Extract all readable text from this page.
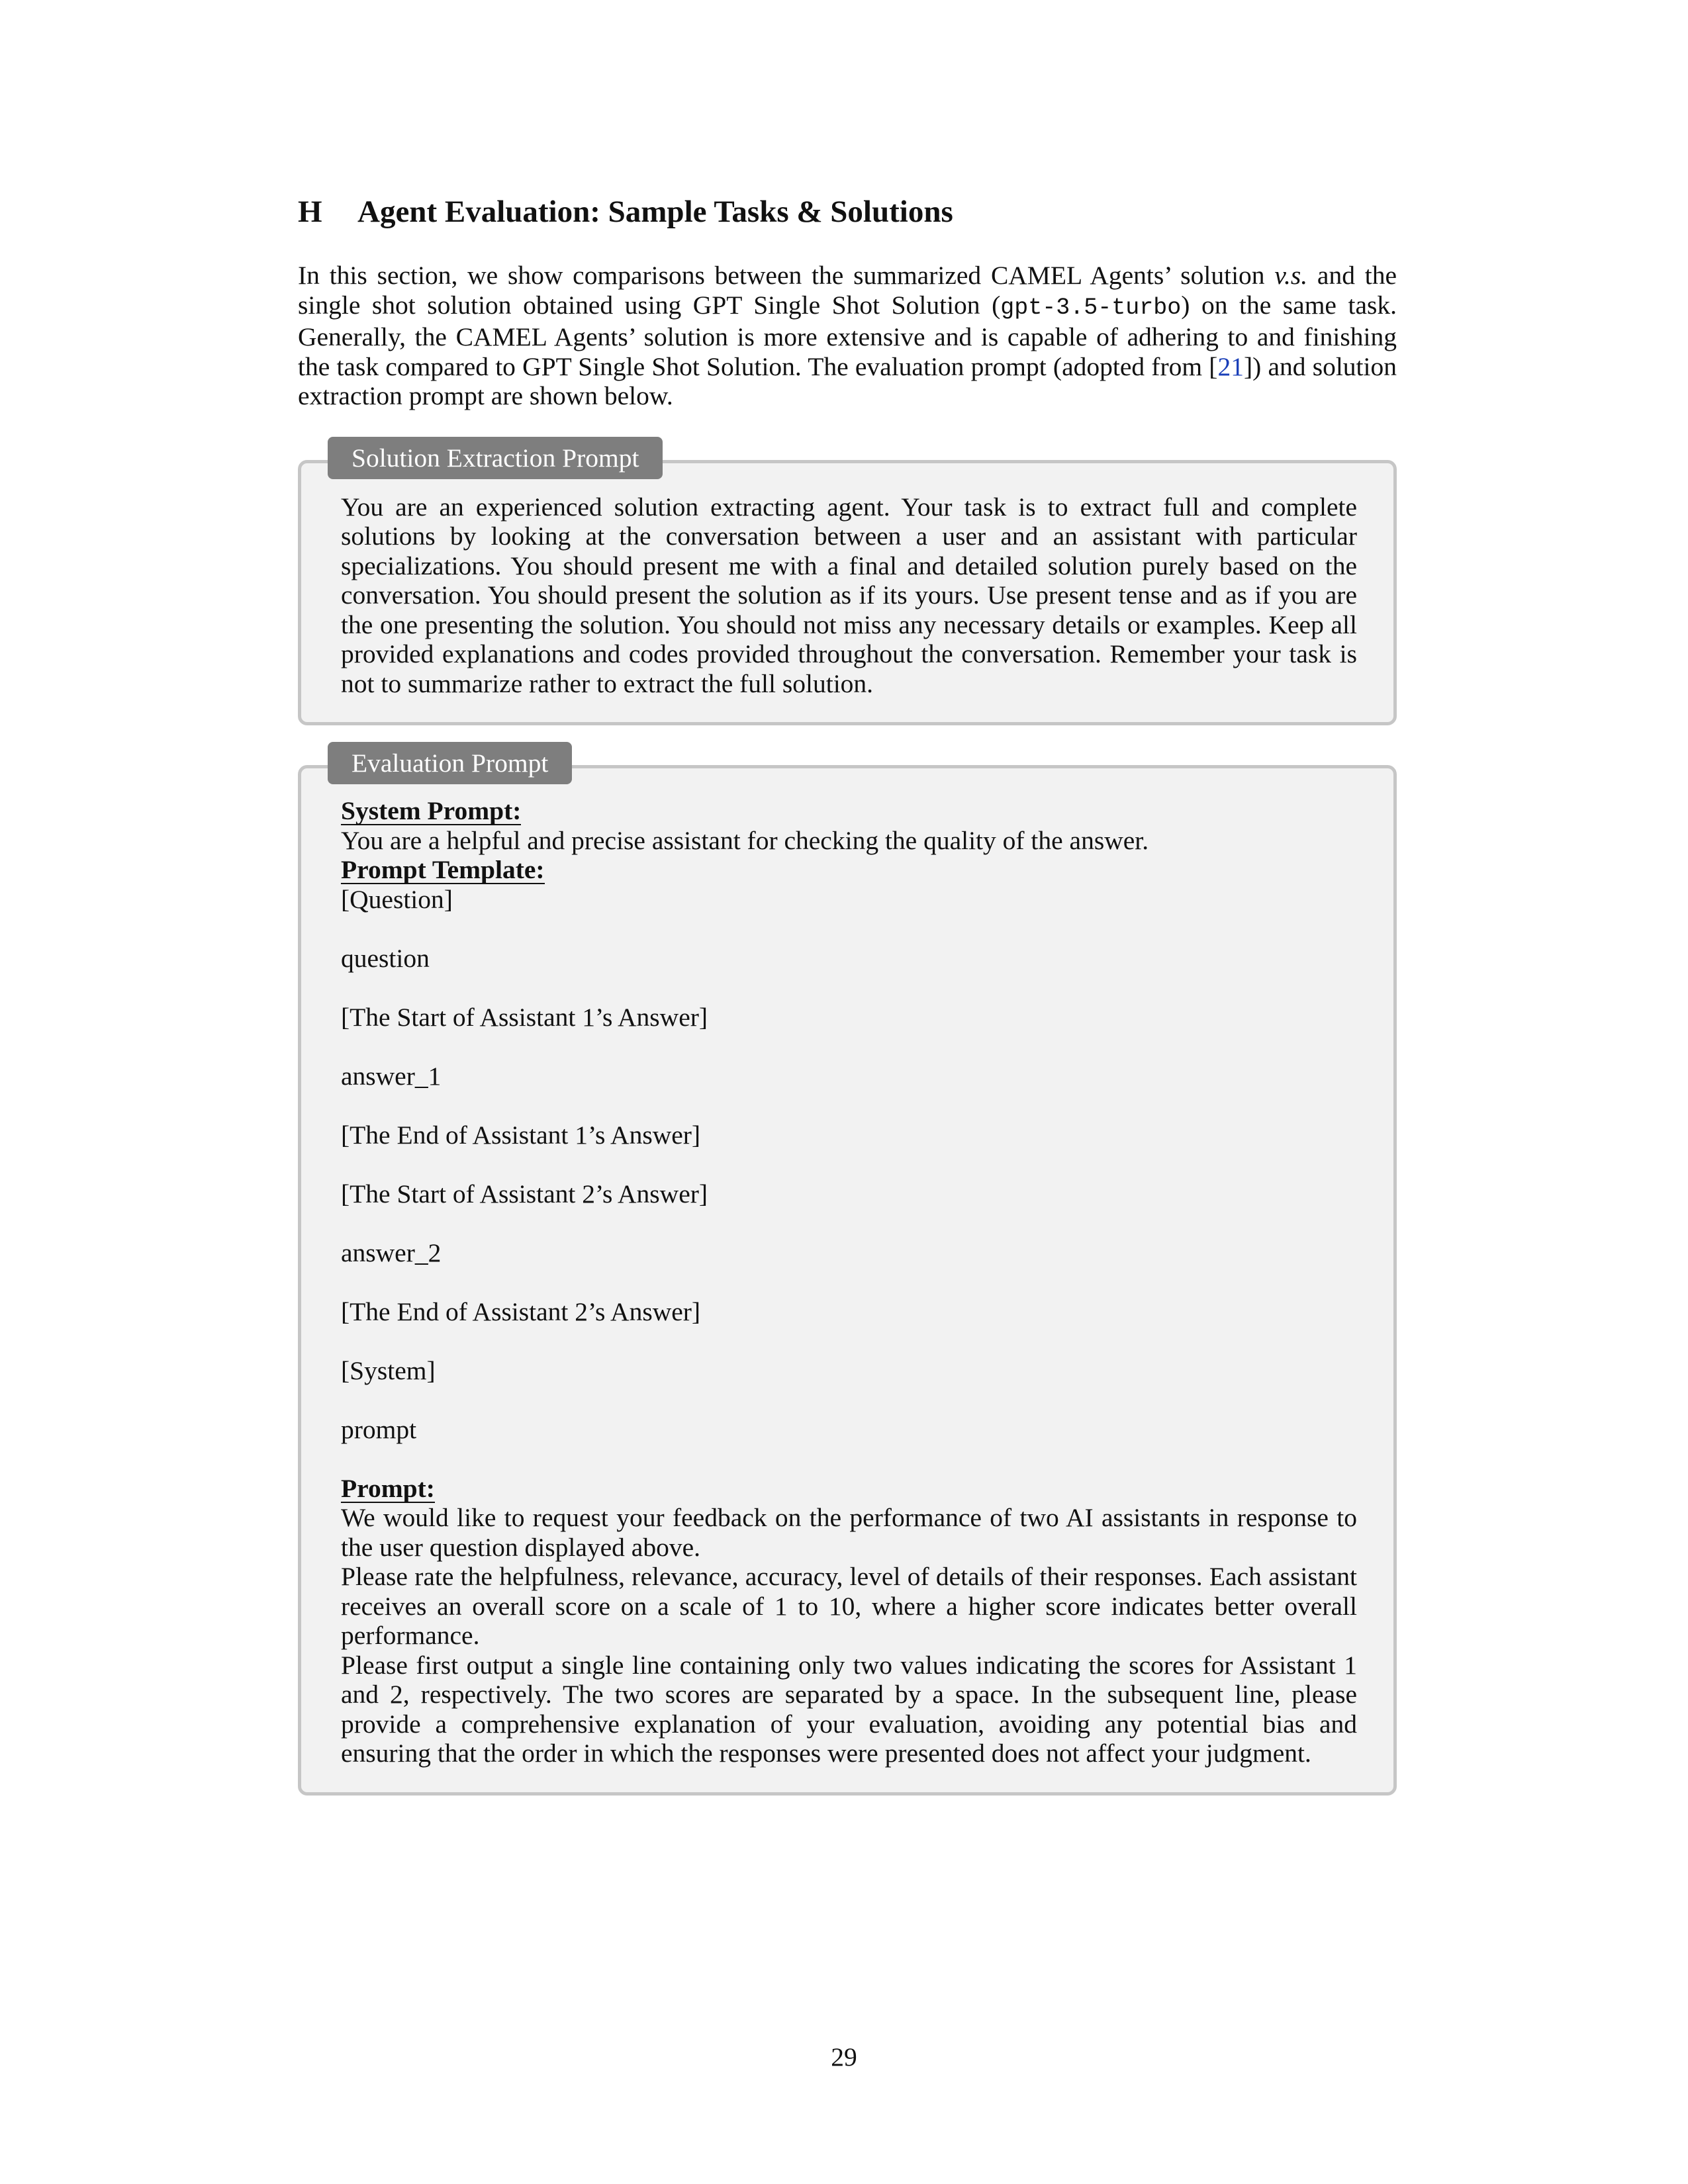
H Agent Evaluation: Sample Tasks & Solutions

In this section, we show comparisons between the summarized CAMEL Agents’ solution v.s. and the single shot solution obtained using GPT Single Shot Solution (gpt-3.5-turbo) on the same task. Generally, the CAMEL Agents’ solution is more extensive and is capable of adhering to and finishing the task compared to GPT Single Shot Solution. The evaluation prompt (adopted from [21]) and solution extraction prompt are shown below.

Solution Extraction Prompt

You are an experienced solution extracting agent. Your task is to extract full and complete solutions by looking at the conversation between a user and an assistant with particular specializations. You should present me with a final and detailed solution purely based on the conversation. You should present the solution as if its yours. Use present tense and as if you are the one presenting the solution. You should not miss any necessary details or examples. Keep all provided explanations and codes provided throughout the conversation. Remember your task is not to summarize rather to extract the full solution.

Evaluation Prompt

System Prompt:

You are a helpful and precise assistant for checking the quality of the answer.

Prompt Template:

[Question]

question

[The Start of Assistant 1’s Answer]

answer_1

[The End of Assistant 1’s Answer]

[The Start of Assistant 2’s Answer]

answer_2

[The End of Assistant 2’s Answer]

[System]

prompt

Prompt:

We would like to request your feedback on the performance of two AI assistants in response to the user question displayed above.

Please rate the helpfulness, relevance, accuracy, level of details of their responses. Each assistant receives an overall score on a scale of 1 to 10, where a higher score indicates better overall performance.

Please first output a single line containing only two values indicating the scores for Assistant 1 and 2, respectively. The two scores are separated by a space. In the subsequent line, please provide a comprehensive explanation of your evaluation, avoiding any potential bias and ensuring that the order in which the responses were presented does not affect your judgment.

29
